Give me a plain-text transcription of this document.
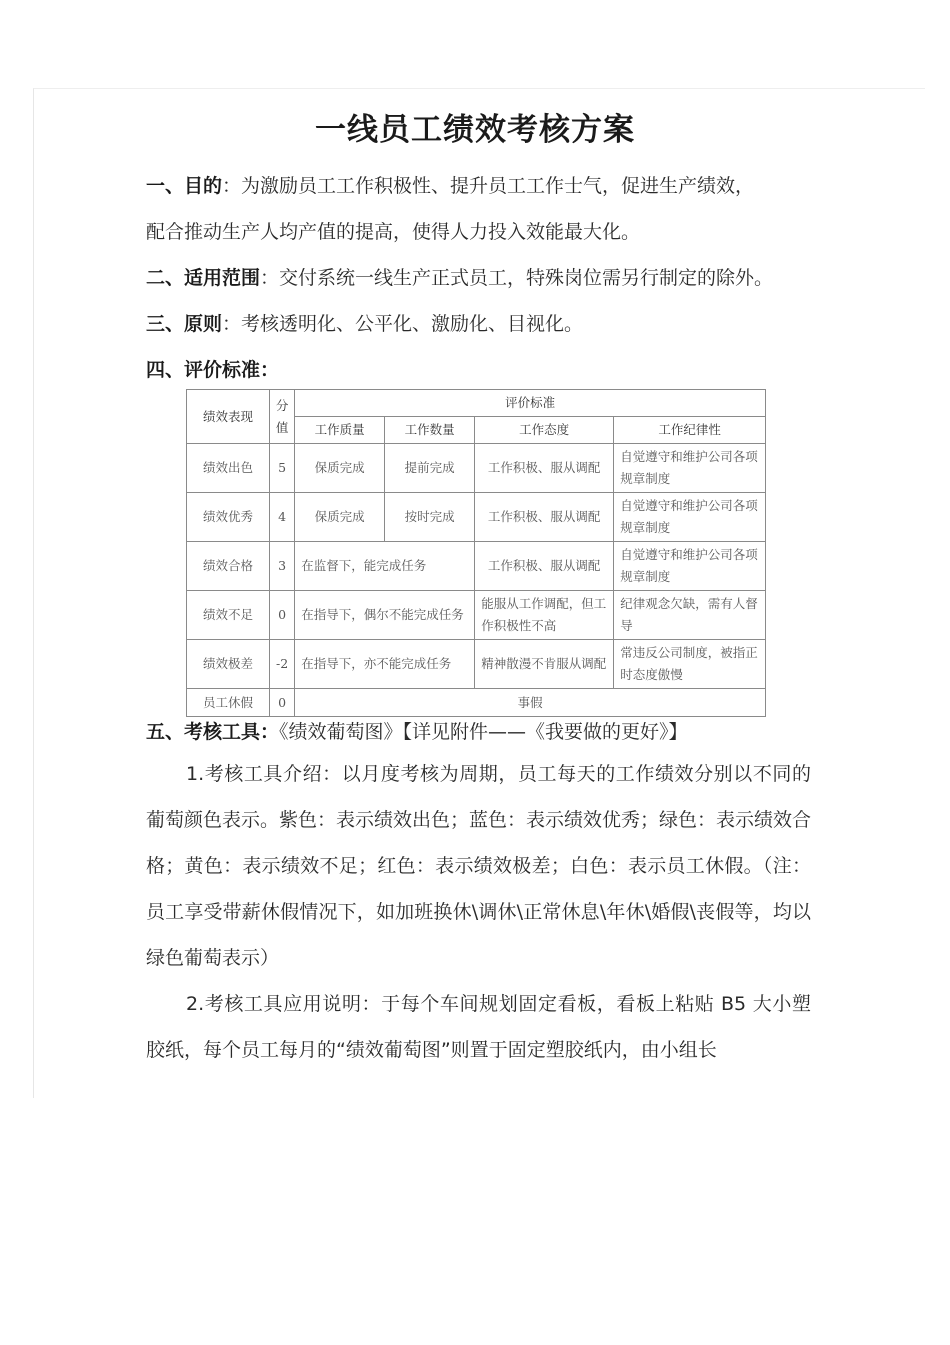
一线员工绩效考核方案
一、目的：为激励员工工作积极性、提升员工工作士气，促进生产绩效，
配合推动生产人均产值的提高，使得人力投入效能最大化。
二、适用范围：交付系统一线生产正式员工，特殊岗位需另行制定的除外。
三、原则：考核透明化、公平化、激励化、目视化。
四、评价标准：
绩效表现	分值	评价标准			
		工作质量	工作数量	工作态度	工作纪律性
绩效出色	5	保质完成	提前完成	工作积极、服从调配	自觉遵守和维护公司各项规章制度
绩效优秀	4	保质完成	按时完成	工作积极、服从调配	自觉遵守和维护公司各项规章制度
绩效合格	3	在监督下，能完成任务		工作积极、服从调配	自觉遵守和维护公司各项规章制度
绩效不足	0	在指导下，偶尔不能完成任务		能服从工作调配，但工作积极性不高	纪律观念欠缺，需有人督导
绩效极差	-2	在指导下，亦不能完成任务		精神散漫不肯服从调配	常违反公司制度，被指正时态度傲慢
员工休假	0	事假			
五、考核工具：《绩效葡萄图》【详见附件——《我要做的更好》】
1.考核工具介绍：以月度考核为周期，员工每天的工作绩效分别以不同的葡萄颜色表示。紫色：表示绩效出色；蓝色：表示绩效优秀；绿色：表示绩效合格；黄色：表示绩效不足；红色：表示绩效极差；白色：表示员工休假。（注：员工享受带薪休假情况下，如加班换休\调休\正常休息\年休\婚假\丧假等，均以绿色葡萄表示）
2.考核工具应用说明：于每个车间规划固定看板，看板上粘贴 B5 大小塑胶纸，每个员工每月的“绩效葡萄图”则置于固定塑胶纸内，由小组长
